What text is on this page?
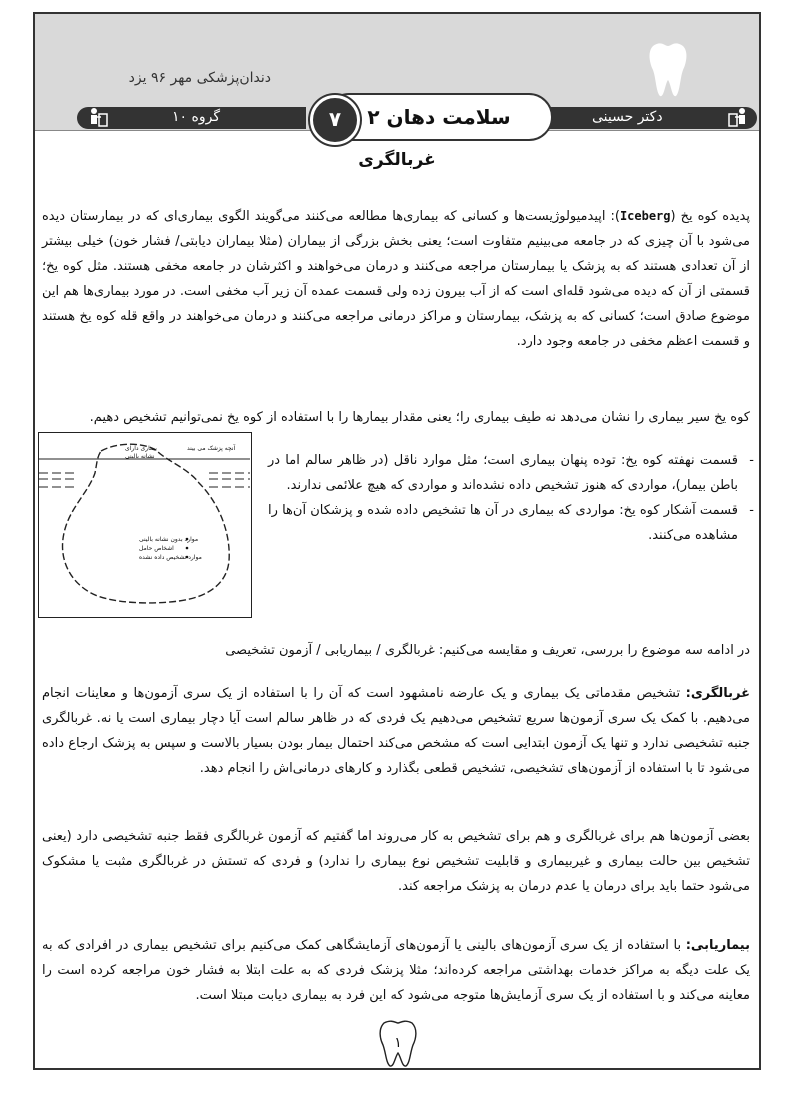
دندان‌پزشکی مهر ۹۶ یزد
گروه ۱۰	دکتر حسینی
سلامت دهان ۲
۷
غربالگری
پدیده کوه یخ (Iceberg): اپیدمیولوژیست‌ها و کسانی که بیماری‌ها مطالعه می‌کنند می‌گویند الگوی بیماری‌ای که در بیمارستان دیده می‌شود با آن چیزی که در جامعه می‌بینیم متفاوت است؛ یعنی بخش بزرگی از بیماران (مثلا بیماران دیابتی/ فشار خون) خیلی بیشتر از آن تعدادی هستند که به پزشک یا بیمارستان مراجعه می‌کنند و درمان می‌خواهند و اکثرشان در جامعه مخفی هستند. مثل کوه یخ؛ قسمتی از آن که دیده می‌شود قله‌ای است که از آب بیرون زده ولی قسمت عمده آن زیر آب مخفی است. در مورد بیماری‌ها هم این موضوع صادق است؛ کسانی که به پزشک، بیمارستان و مراکز درمانی مراجعه می‌کنند و درمان می‌خواهند در واقع قله کوه یخ هستند و قسمت اعظم مخفی در جامعه وجود دارد.
کوه یخ سیر بیماری را نشان می‌دهد نه طیف بیماری را؛ یعنی مقدار بیمارها را با استفاده از کوه یخ نمی‌توانیم تشخیص دهیم.
- قسمت نهفته کوه یخ: توده پنهان بیماری است؛ مثل موارد ناقل (در ظاهر سالم اما در باطن بیمار)، مواردی که هنوز تشخیص داده نشده‌اند و مواردی که هیچ علائمی ندارند.
- قسمت آشکار کوه یخ: مواردی که بیماری در آن ها تشخیص داده شده و پزشکان آن‌ها را مشاهده می‌کنند.
آنچه پزشک می بیند
بیماری دارای
نشانه بالینی
موارد بدون نشانه بالینی
اشخاص حامل
موارد تشخیص داده نشده
در ادامه سه موضوع را بررسی، تعریف و مقایسه می‌کنیم: غربالگری / بیماریابی / آزمون تشخیصی
غربالگری: تشخیص مقدماتی یک بیماری و یک عارضه نامشهود است که آن را با استفاده از یک سری آزمون‌ها و معاینات انجام می‌دهیم. با کمک یک سری آزمون‌ها سریع تشخیص می‌دهیم یک فردی که در ظاهر سالم است آیا دچار بیماری است یا نه. غربالگری جنبه تشخیصی ندارد و تنها یک آزمون ابتدایی است که مشخص می‌کند احتمال بیمار بودن بسیار بالاست و سپس به پزشک ارجاع داده می‌شود تا با استفاده از آزمون‌های تشخیصی، تشخیص قطعی بگذارد و کارهای درمانی‌اش را انجام دهد.
بعضی آزمون‌ها هم برای غربالگری و هم برای تشخیص به کار می‌روند اما گفتیم که آزمون غربالگری فقط جنبه تشخیصی دارد (یعنی تشخیص بین حالت بیماری و غیربیماری و قابلیت تشخیص نوع بیماری را ندارد) و فردی که تستش در غربالگری مثبت یا مشکوک می‌شود حتما باید برای درمان یا عدم درمان به پزشک مراجعه کند.
بیماریابی: با استفاده از یک سری آزمون‌های بالینی یا آزمون‌های آزمایشگاهی کمک می‌کنیم برای تشخیص بیماری در افرادی که به یک علت دیگه به مراکز خدمات بهداشتی مراجعه کرده‌اند؛ مثلا پزشک فردی که به علت ابتلا به فشار خون مراجعه کرده است را معاینه می‌کند و با استفاده از یک سری آزمایش‌ها متوجه می‌شود که این فرد به بیماری دیابت مبتلا است.
۱
